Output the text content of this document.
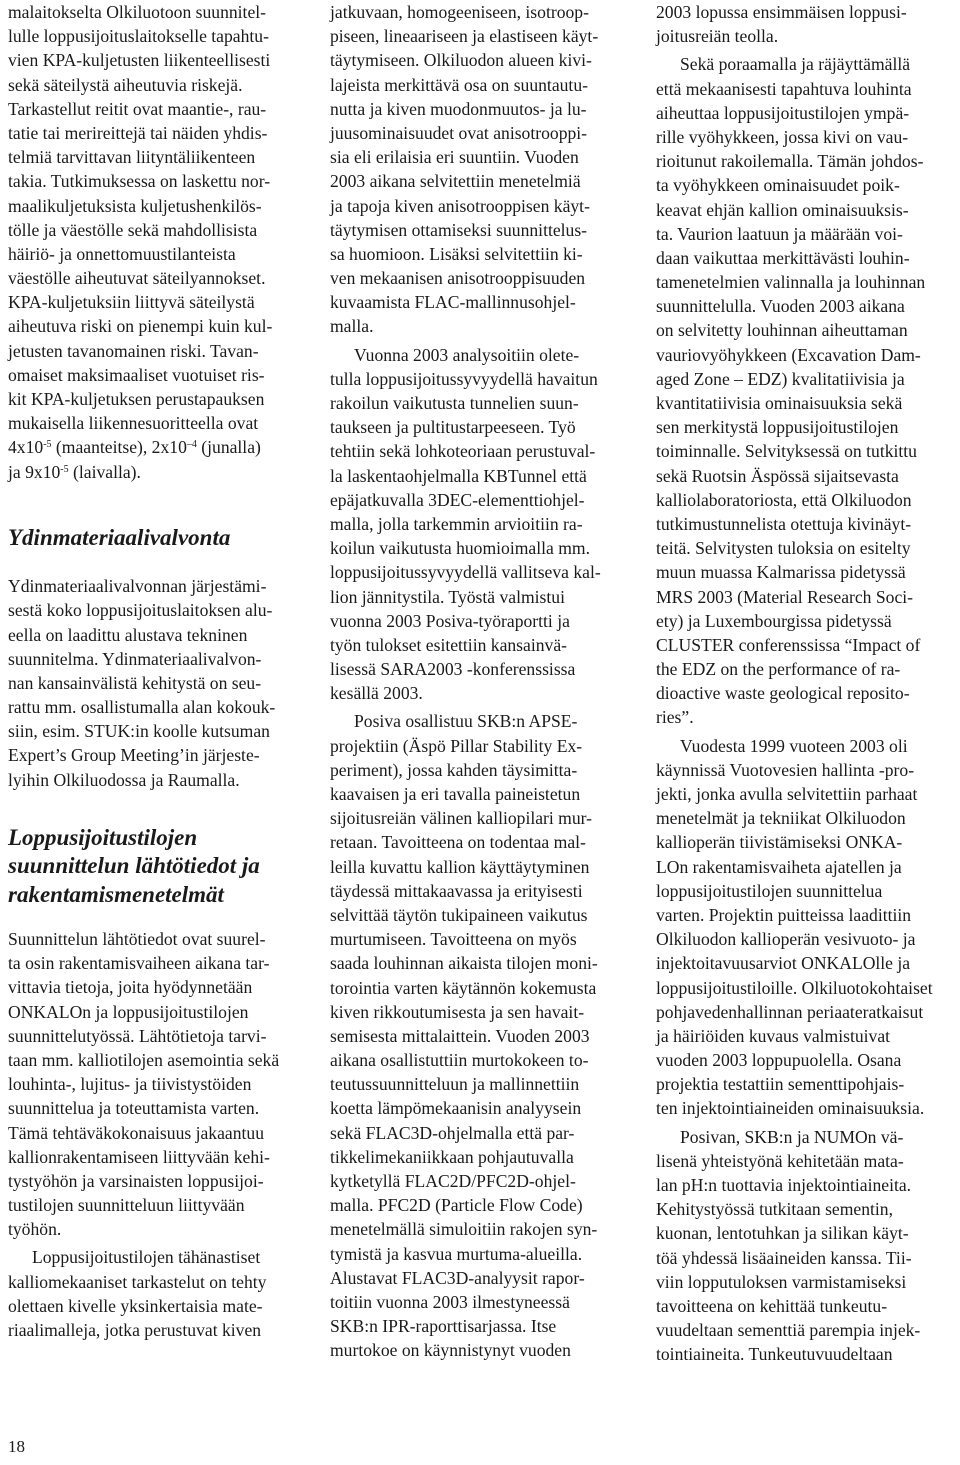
malaitokselta Olkiluotoon suunnitel-
lulle loppusijoituslaitokselle tapahtu-
vien KPA-kuljetusten liikenteellisesti
sekä säteilystä aiheutuvia riskejä.
Tarkastellut reitit ovat maantie-, rau-
tatie tai merireittejä tai näiden yhdis-
telmiä tarvittavan liityntäliikenteen
takia. Tutkimuksessa on laskettu nor-
maalikuljetuksista kuljetushenkilös-
tölle ja väestölle sekä mahdollisista
häiriö- ja onnettomuustilanteista
väestölle aiheutuvat säteilyannokset.
KPA-kuljetuksiin liittyvä säteilystä
aiheutuva riski on pienempi kuin kul-
jetusten tavanomainen riski. Tavan-
omaiset maksimaaliset vuotuiset ris-
kit KPA-kuljetuksen perustapauksen
mukaisella liikennesuoritteella ovat
$4x10^{-5}$ (maanteitse), $2x10^{-4}$ (junalla)
ja $9x10^{-5}$ (laivalla).
Ydinmateriaalivalvonta
Ydinmateriaalivalvonnan järjestämi-
sestä koko loppusijoituslaitoksen alu-
eella on laadittu alustava tekninen
suunnitelma. Ydinmateriaalivalvon-
nan kansainvälistä kehitystä on seu-
rattu mm. osallistumalla alan kokouk-
siin, esim. STUK:in koolle kutsuman
Expert’s Group Meeting’in järjeste-
lyihin Olkiluodossa ja Raumalla.
Loppusijoitustilojen
suunnittelun lähtötiedot ja
rakentamismenetelmät
Suunnittelun lähtötiedot ovat suurel-
ta osin rakentamisvaiheen aikana tar-
vittavia tietoja, joita hyödynnetään
ONKALOn ja loppusijoitustilojen
suunnittelutyössä. Lähtötietoja tarvi-
taan mm. kalliotilojen asemointia sekä
louhinta-, lujitus- ja tiivistystöiden
suunnittelua ja toteuttamista varten.
Tämä tehtäväkokonaisuus jakaantuu
kallionrakentamiseen liittyvään kehi-
tystyöhön ja varsinaisten loppusijoi-
tustilojen suunnitteluun liittyvään
työhön.
Loppusijoitustilojen tähänastiset
kalliomekaaniset tarkastelut on tehty
olettaen kivelle yksinkertaisia mate-
riaalimalleja, jotka perustuvat kiven
jatkuvaan, homogeeniseen, isotroop-
piseen, lineaariseen ja elastiseen käyt-
täytymiseen. Olkiluodon alueen kivi-
lajeista merkittävä osa on suuntautu-
nutta ja kiven muodonmuutos- ja lu-
juusominaisuudet ovat anisotrooppi-
sia eli erilaisia eri suuntiin. Vuoden
2003 aikana selvitettiin menetelmiä
ja tapoja kiven anisotrooppisen käyt-
täytymisen ottamiseksi suunnittelus-
sa huomioon. Lisäksi selvitettiin ki-
ven mekaanisen anisotrooppisuuden
kuvaamista FLAC-mallinnusohjel-
malla.
Vuonna 2003 analysoitiin olete-
tulla loppusijoitussyvyydellä havaitun
rakoilun vaikutusta tunnelien suun-
taukseen ja pultitustarpeeseen. Työ
tehtiin sekä lohkoteoriaan perustuval-
la laskentaohjelmalla KBTunnel että
epäjatkuvalla 3DEC-elementtiohjel-
malla, jolla tarkemmin arvioitiin ra-
koilun vaikutusta huomioimalla mm.
loppusijoitussyvyydellä vallitseva kal-
lion jännitystila. Työstä valmistui
vuonna 2003 Posiva-työraportti ja
työn tulokset esitettiin kansainvä-
lisessä SARA2003 -konferenssissa
kesällä 2003.
Posiva osallistuu SKB:n APSE-
projektiin (Äspö Pillar Stability Ex-
periment), jossa kahden täysimitta-
kaavaisen ja eri tavalla paineistetun
sijoitusreiän välinen kalliopilari mur-
retaan. Tavoitteena on todentaa mal-
leilla kuvattu kallion käyttäytyminen
täydessä mittakaavassa ja erityisesti
selvittää täytön tukipaineen vaikutus
murtumiseen. Tavoitteena on myös
saada louhinnan aikaista tilojen moni-
torointia varten käytännön kokemusta
kiven rikkoutumisesta ja sen havait-
semisesta mittalaittein. Vuoden 2003
aikana osallistuttiin murtokokeen to-
teutussuunnitteluun ja mallinnettiin
koetta lämpömekaanisin analyysein
sekä FLAC3D-ohjelmalla että par-
tikkelimekaniikkaan pohjautuvalla
kytketyllä FLAC2D/PFC2D-ohjel-
malla. PFC2D (Particle Flow Code)
menetelmällä simuloitiin rakojen syn-
tymistä ja kasvua murtuma-alueilla.
Alustavat FLAC3D-analyysit rapor-
toitiin vuonna 2003 ilmestyneessä
SKB:n IPR-raporttisarjassa. Itse
murtokoe on käynnistynyt vuoden
2003 lopussa ensimmäisen loppusi-
joitusreiän teolla.
Sekä poraamalla ja räjäyttämällä
että mekaanisesti tapahtuva louhinta
aiheuttaa loppusijoitustilojen ympä-
rille vyöhykkeen, jossa kivi on vau-
rioitunut rakoilemalla. Tämän johdos-
ta vyöhykkeen ominaisuudet poik-
keavat ehjän kallion ominaisuuksis-
ta. Vaurion laatuun ja määrään voi-
daan vaikuttaa merkittävästi louhin-
tamenetelmien valinnalla ja louhinnan
suunnittelulla. Vuoden 2003 aikana
on selvitetty louhinnan aiheuttaman
vauriovyöhykkeen (Excavation Dam-
aged Zone – EDZ) kvalitatiivisia ja
kvantitatiivisia ominaisuuksia sekä
sen merkitystä loppusijoitustilojen
toiminnalle. Selvityksessä on tutkittu
sekä Ruotsin Äspössä sijaitsevasta
kalliolaboratoriosta, että Olkiluodon
tutkimustunnelista otettuja kivinäyt-
teitä. Selvitysten tuloksia on esitelty
muun muassa Kalmarissa pidetyssä
MRS 2003 (Material Research Soci-
ety) ja Luxembourgissa pidetyssä
CLUSTER conferenssissa “Impact of
the EDZ on the performance of ra-
dioactive waste geological reposito-
ries”.
Vuodesta 1999 vuoteen 2003 oli
käynnissä Vuotovesien hallinta -pro-
jekti, jonka avulla selvitettiin parhaat
menetelmät ja tekniikat Olkiluodon
kallioperän tiivistämiseksi ONKA-
LOn rakentamisvaiheta ajatellen ja
loppusijoitustilojen suunnittelua
varten. Projektin puitteissa laadittiin
Olkiluodon kallioperän vesivuoto- ja
injektoitavuusarviot ONKALOlle ja
loppusijoitustiloille. Olkiluotokohtaiset
pohjavedenhallinnan periaateratkaisut
ja häiriöiden kuvaus valmistuivat
vuoden 2003 loppupuolella. Osana
projektia testattiin sementtipohjais-
ten injektointiaineiden ominaisuuksia.
Posivan, SKB:n ja NUMOn vä-
lisenä yhteistyönä kehitetään mata-
lan pH:n tuottavia injektointiaineita.
Kehitystyössä tutkitaan sementin,
kuonan, lentotuhkan ja silikan käyt-
töä yhdessä lisäaineiden kanssa. Tii-
viin lopputuloksen varmistamiseksi
tavoitteena on kehittää tunkeutu-
vuudeltaan sementtiä parempia injek-
tointiaineita. Tunkeutuvuudeltaan
18
